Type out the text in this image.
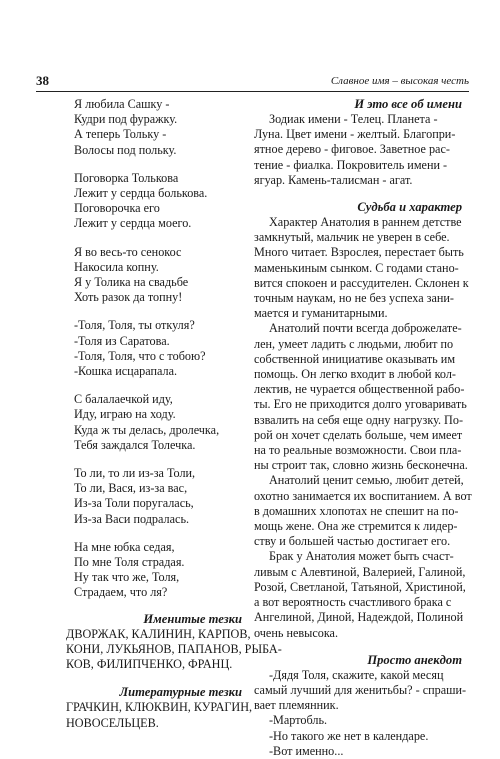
38	Славное имя – высокая честь
Я любила Сашку -
Кудри под фуражку.
А теперь Тольку -
Волосы под польку.
Поговорка Толькова
Лежит у сердца болькова.
Поговорочка его
Лежит у сердца моего.
Я во весь-то сенокос
Накосила копну.
Я у Толика на свадьбе
Хоть разок да топну!
-Толя, Толя, ты откуля?
-Толя из Саратова.
-Толя, Толя, что с тобою?
-Кошка исцарапала.
С балалаечкой иду,
Иду, играю на ходу.
Куда ж ты делась, дролечка,
Тебя заждался Толечка.
То ли, то ли из-за Толи,
То ли, Вася, из-за вас,
Из-за Толи поругалась,
Из-за Васи подралась.
На мне юбка седая,
По мне Толя страдая.
Ну так что же, Толя,
Страдаем, что ля?
Именитые тезки
ДВОРЖАК, КАЛИНИН, КАРПОВ,
КОНИ, ЛУКЬЯНОВ, ПАПАНОВ, РЫБА-
КОВ, ФИЛИПЧЕНКО, ФРАНЦ.
Литературные тезки
ГРАЧКИН, КЛЮКВИН, КУРАГИН,
НОВОСЕЛЬЦЕВ.
И это все об имени
Зодиак имени - Телец. Планета -
Луна. Цвет имени - желтый. Благопри-
ятное дерево - фиговое. Заветное рас-
тение - фиалка. Покровитель имени -
ягуар. Камень-талисман - агат.
Судьба и характер
Характер Анатолия в раннем детстве
замкнутый, мальчик не уверен в себе.
Много читает. Взрослея, перестает быть
маменькиным сынком. С годами стано-
вится спокоен и рассудителен. Склонен к
точным наукам, но не без успеха зани-
мается и гуманитарными.
Анатолий почти всегда доброжелате-
лен, умеет ладить с людьми, любит по
собственной инициативе оказывать им
помощь. Он легко входит в любой кол-
лектив, не чурается общественной рабо-
ты. Его не приходится долго уговаривать
взвалить на себя еще одну нагрузку. По-
рой он хочет сделать больше, чем имеет
на то реальные возможности. Свои пла-
ны строит так, словно жизнь бесконечна.
Анатолий ценит семью, любит детей,
охотно занимается их воспитанием. А вот
в домашних хлопотах не спешит на по-
мощь жене. Она же стремится к лидер-
ству и большей частью достигает его.
Брак у Анатолия может быть счаст-
ливым с Алевтиной, Валерией, Галиной,
Розой, Светланой, Татьяной, Христиной,
а вот вероятность счастливого брака с
Ангелиной, Диной, Надеждой, Полиной
очень невысока.
Просто анекдот
-Дядя Толя, скажите, какой месяц
самый лучший для женитьбы? - спраши-
вает племянник.
-Мартобль.
-Но такого же нет в календаре.
-Вот именно...
